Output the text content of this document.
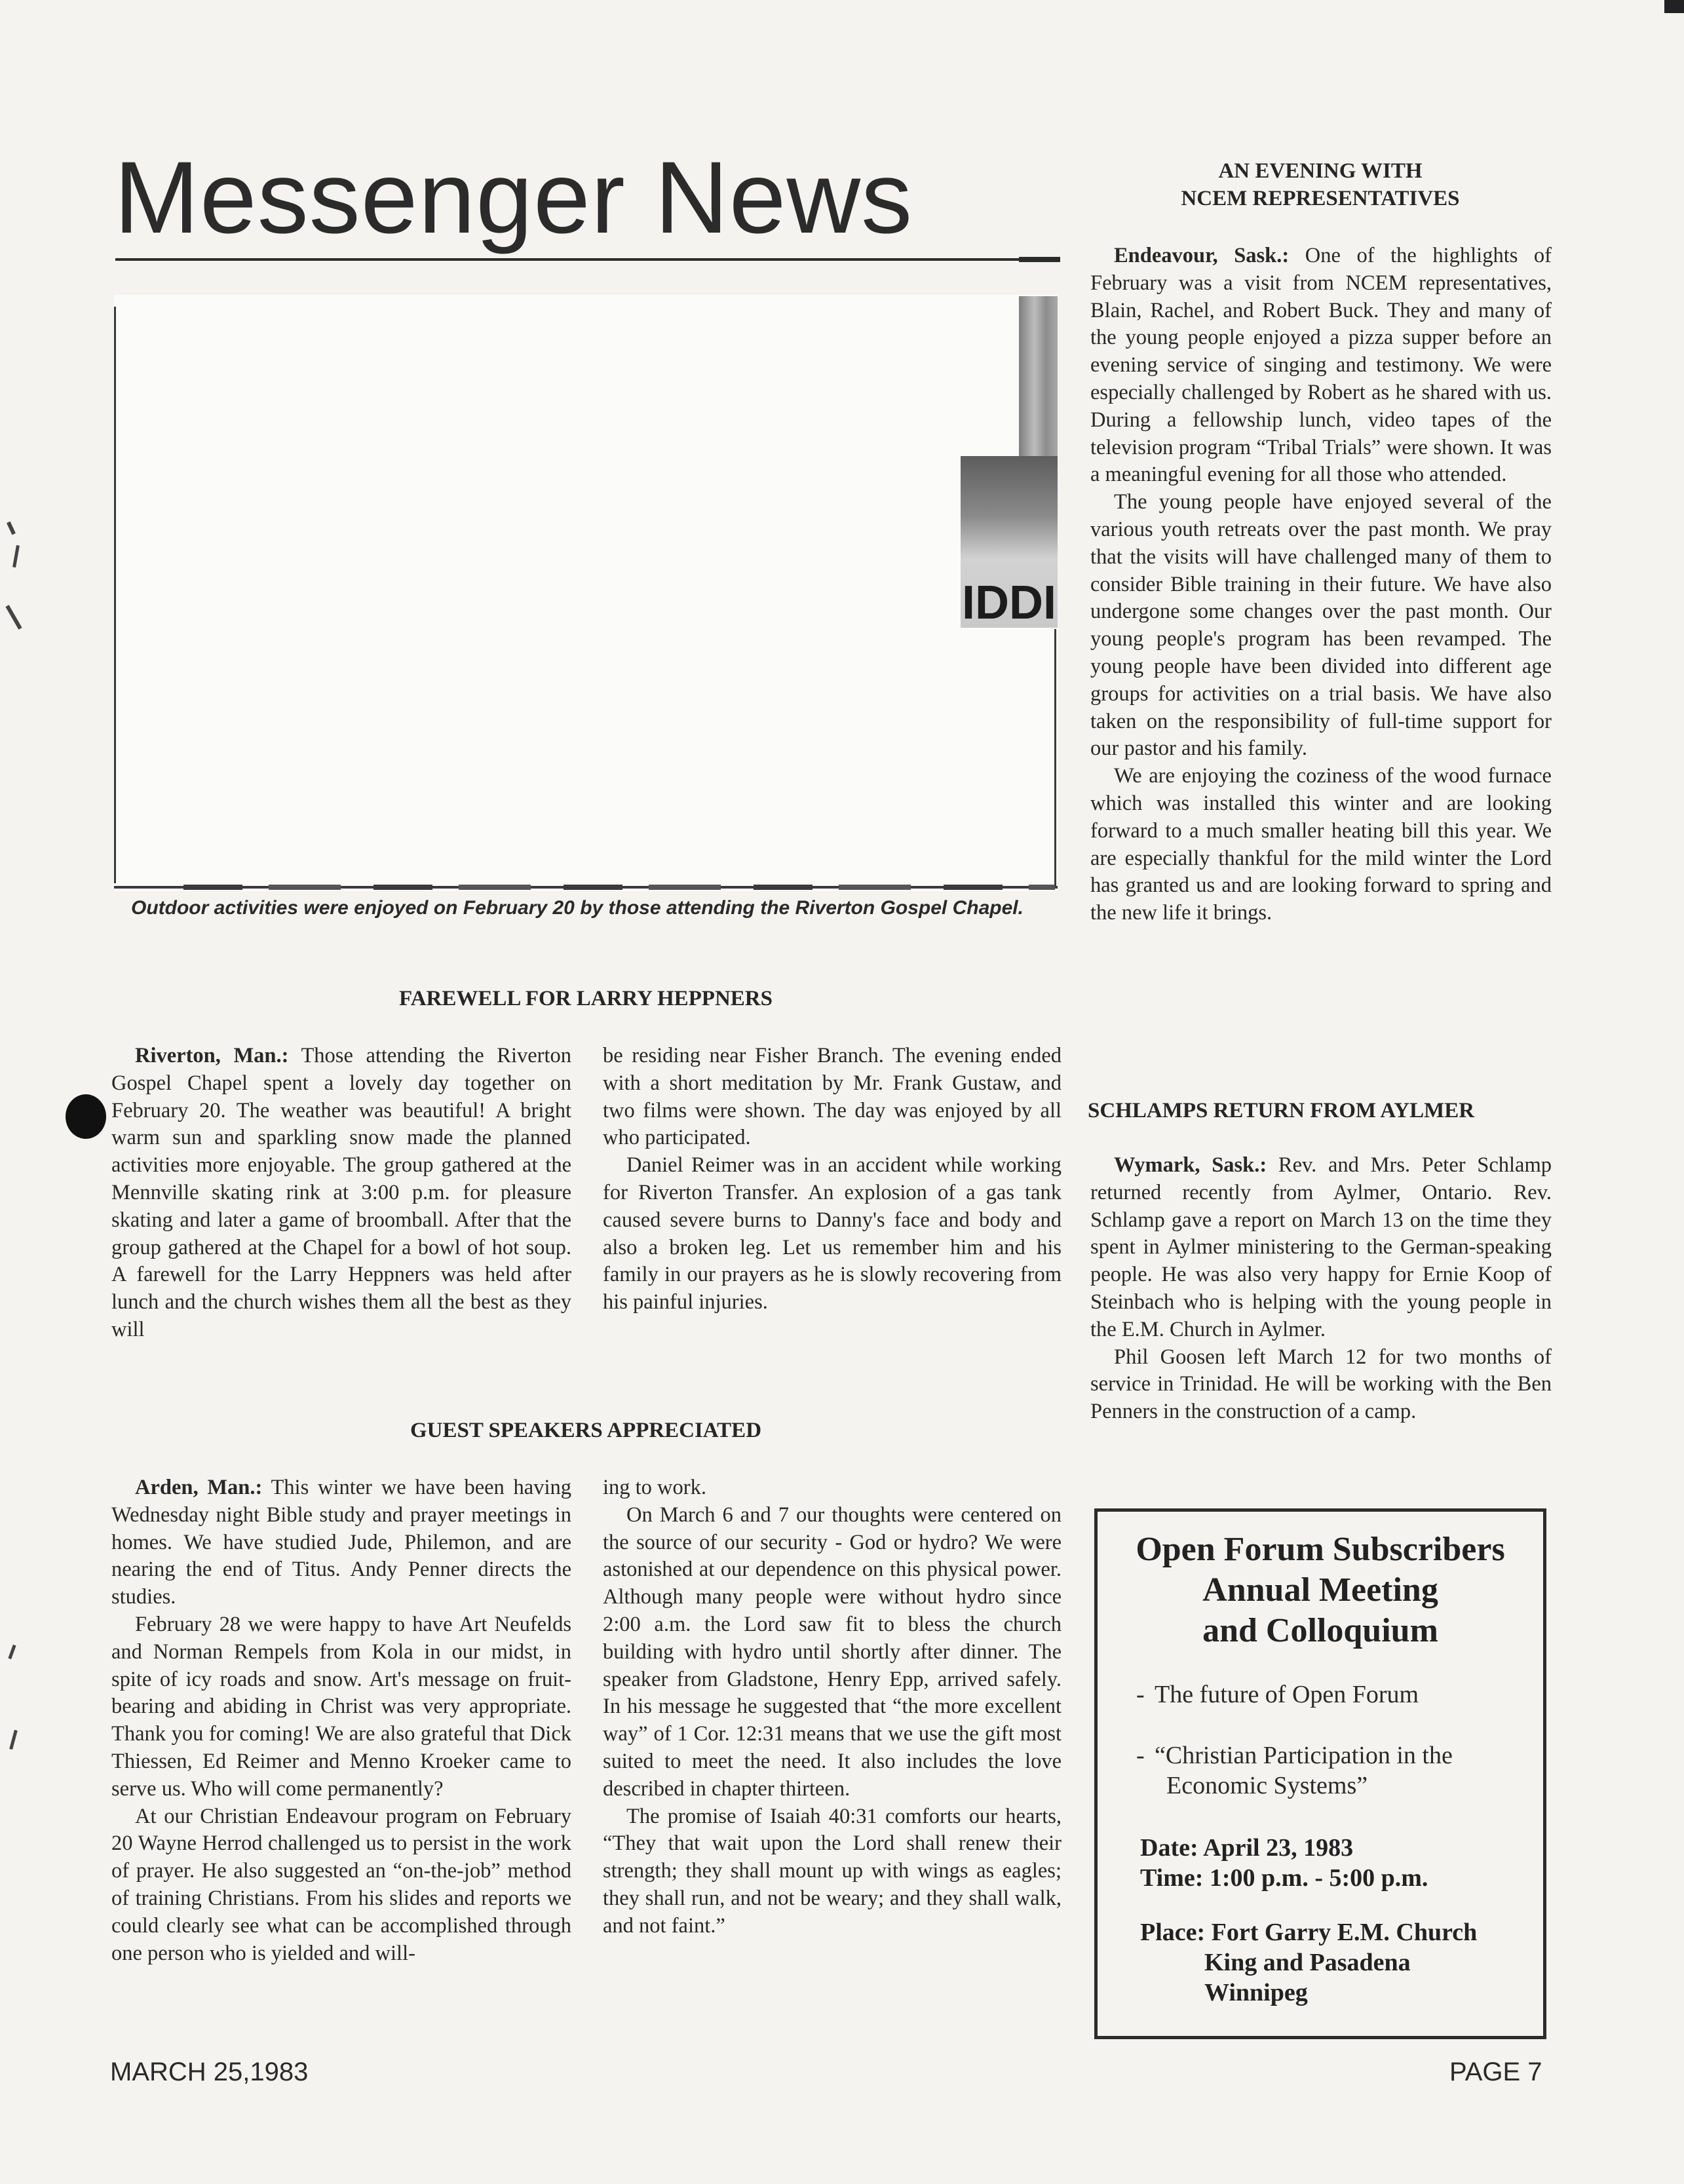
Messenger News
IDDI

Outdoor activities were enjoyed on February 20 by those attending the Riverton Gospel Chapel.

FAREWELL FOR LARRY HEPPNERS

Riverton, Man.: Those attending the Riverton Gospel Chapel spent a lovely day together on February 20. The weather was beautiful! A bright warm sun and sparkling snow made the planned activities more enjoyable. The group gathered at the Mennville skating rink at 3:00 p.m. for pleasure skating and later a game of broomball. After that the group gathered at the Chapel for a bowl of hot soup. A farewell for the Larry Heppners was held after lunch and the church wishes them all the best as they will

be residing near Fisher Branch. The evening ended with a short meditation by Mr. Frank Gustaw, and two films were shown. The day was enjoyed by all who participated.

Daniel Reimer was in an accident while working for Riverton Transfer. An explosion of a gas tank caused severe burns to Danny's face and body and also a broken leg. Let us remember him and his family in our prayers as he is slowly recovering from his painful injuries.

GUEST SPEAKERS APPRECIATED

Arden, Man.: This winter we have been having Wednesday night Bible study and prayer meetings in homes. We have studied Jude, Philemon, and are nearing the end of Titus. Andy Penner directs the studies.

February 28 we were happy to have Art Neufelds and Norman Rempels from Kola in our midst, in spite of icy roads and snow. Art's message on fruit-bearing and abiding in Christ was very appropriate. Thank you for coming! We are also grateful that Dick Thiessen, Ed Reimer and Menno Kroeker came to serve us. Who will come permanently?

At our Christian Endeavour program on February 20 Wayne Herrod challenged us to persist in the work of prayer. He also suggested an “on-the-job” method of training Christians. From his slides and reports we could clearly see what can be accomplished through one person who is yielded and will-

ing to work.

On March 6 and 7 our thoughts were centered on the source of our security - God or hydro? We were astonished at our dependence on this physical power. Although many people were without hydro since 2:00 a.m. the Lord saw fit to bless the church building with hydro until shortly after dinner. The speaker from Gladstone, Henry Epp, arrived safely. In his message he suggested that “the more excellent way” of 1 Cor. 12:31 means that we use the gift most suited to meet the need. It also includes the love described in chapter thirteen.

The promise of Isaiah 40:31 comforts our hearts, “They that wait upon the Lord shall renew their strength; they shall mount up with wings as eagles; they shall run, and not be weary; and they shall walk, and not faint.”

AN EVENING WITH
NCEM REPRESENTATIVES

Endeavour, Sask.: One of the highlights of February was a visit from NCEM representatives, Blain, Rachel, and Robert Buck. They and many of the young people enjoyed a pizza supper before an evening service of singing and testimony. We were especially challenged by Robert as he shared with us. During a fellowship lunch, video tapes of the television program “Tribal Trials” were shown. It was a meaningful evening for all those who attended.

The young people have enjoyed several of the various youth retreats over the past month. We pray that the visits will have challenged many of them to consider Bible training in their future. We have also undergone some changes over the past month. Our young people's program has been revamped. The young people have been divided into different age groups for activities on a trial basis. We have also taken on the responsibility of full-time support for our pastor and his family.

We are enjoying the coziness of the wood furnace which was installed this winter and are looking forward to a much smaller heating bill this year. We are especially thankful for the mild winter the Lord has granted us and are looking forward to spring and the new life it brings.

SCHLAMPS RETURN FROM AYLMER

Wymark, Sask.: Rev. and Mrs. Peter Schlamp returned recently from Aylmer, Ontario. Rev. Schlamp gave a report on March 13 on the time they spent in Aylmer ministering to the German-speaking people. He was also very happy for Ernie Koop of Steinbach who is helping with the young people in the E.M. Church in Aylmer.

Phil Goosen left March 12 for two months of service in Trinidad. He will be working with the Ben Penners in the construction of a camp.

Open Forum Subscribers
Annual Meeting
and Colloquium

- The future of Open Forum

- “Christian Participation in the
Economic Systems”

Date: April 23, 1983

Time: 1:00 p.m. - 5:00 p.m.

Place: Fort Garry E.M. Church

King and Pasadena

Winnipeg

MARCH 25,1983	PAGE 7
